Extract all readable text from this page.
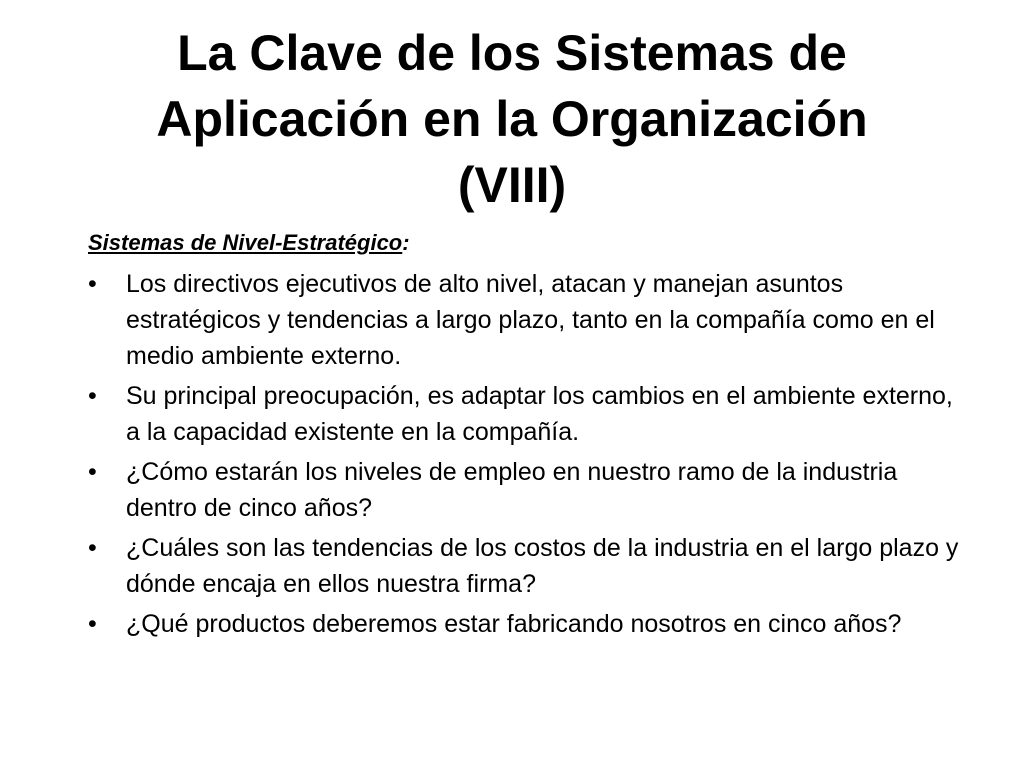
La Clave de los Sistemas de
Aplicación en la Organización
(VIII)

Sistemas de Nivel-Estratégico:

• Los directivos ejecutivos de alto nivel, atacan y manejan asuntos estratégicos y tendencias a largo plazo, tanto en la compañía como en el medio ambiente externo.
• Su principal preocupación, es adaptar los cambios en el ambiente externo, a la capacidad existente en la compañía.
• ¿Cómo estarán los niveles de empleo en nuestro ramo de la industria dentro de cinco años?
• ¿Cuáles son las tendencias de los costos de la industria en el largo plazo y dónde encaja en ellos nuestra firma?
• ¿Qué productos deberemos estar fabricando nosotros en cinco años?
